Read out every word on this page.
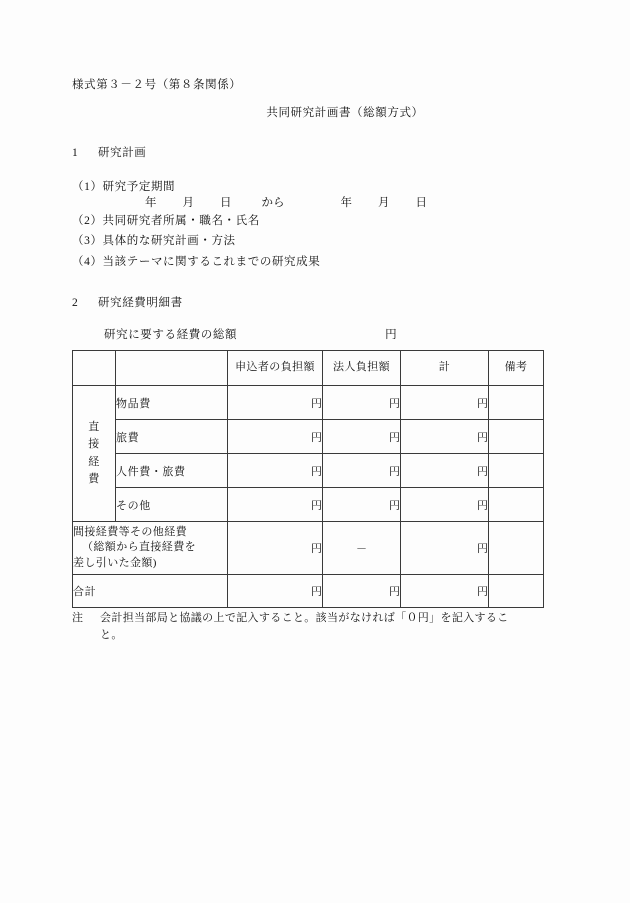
様式第３－２号（第８条関係）
共同研究計画書（総額方式）
1 研究計画
（1）研究予定期間
年 月 日	から	年 月 日
（2）共同研究者所属・職名・氏名
（3）具体的な研究計画・方法
（4）当該テーマに関するこれまでの研究成果
2 研究経費明細書
研究に要する経費の総額	円
		申込者の負担額	法人負担額	計	備考

直
接
経
費	物品費	円	円	円	
	旅費	円	円	円	
	人件費・旅費	円	円	円	
	その他	円	円	円	

間接経費等その他経費
（総額から直接経費を
差し引いた金額)		円	－	円	
合計		円	円	円	
注 会計担当部局と協議の上で記入すること。該当がなければ「０円」を記入するこ
と。
